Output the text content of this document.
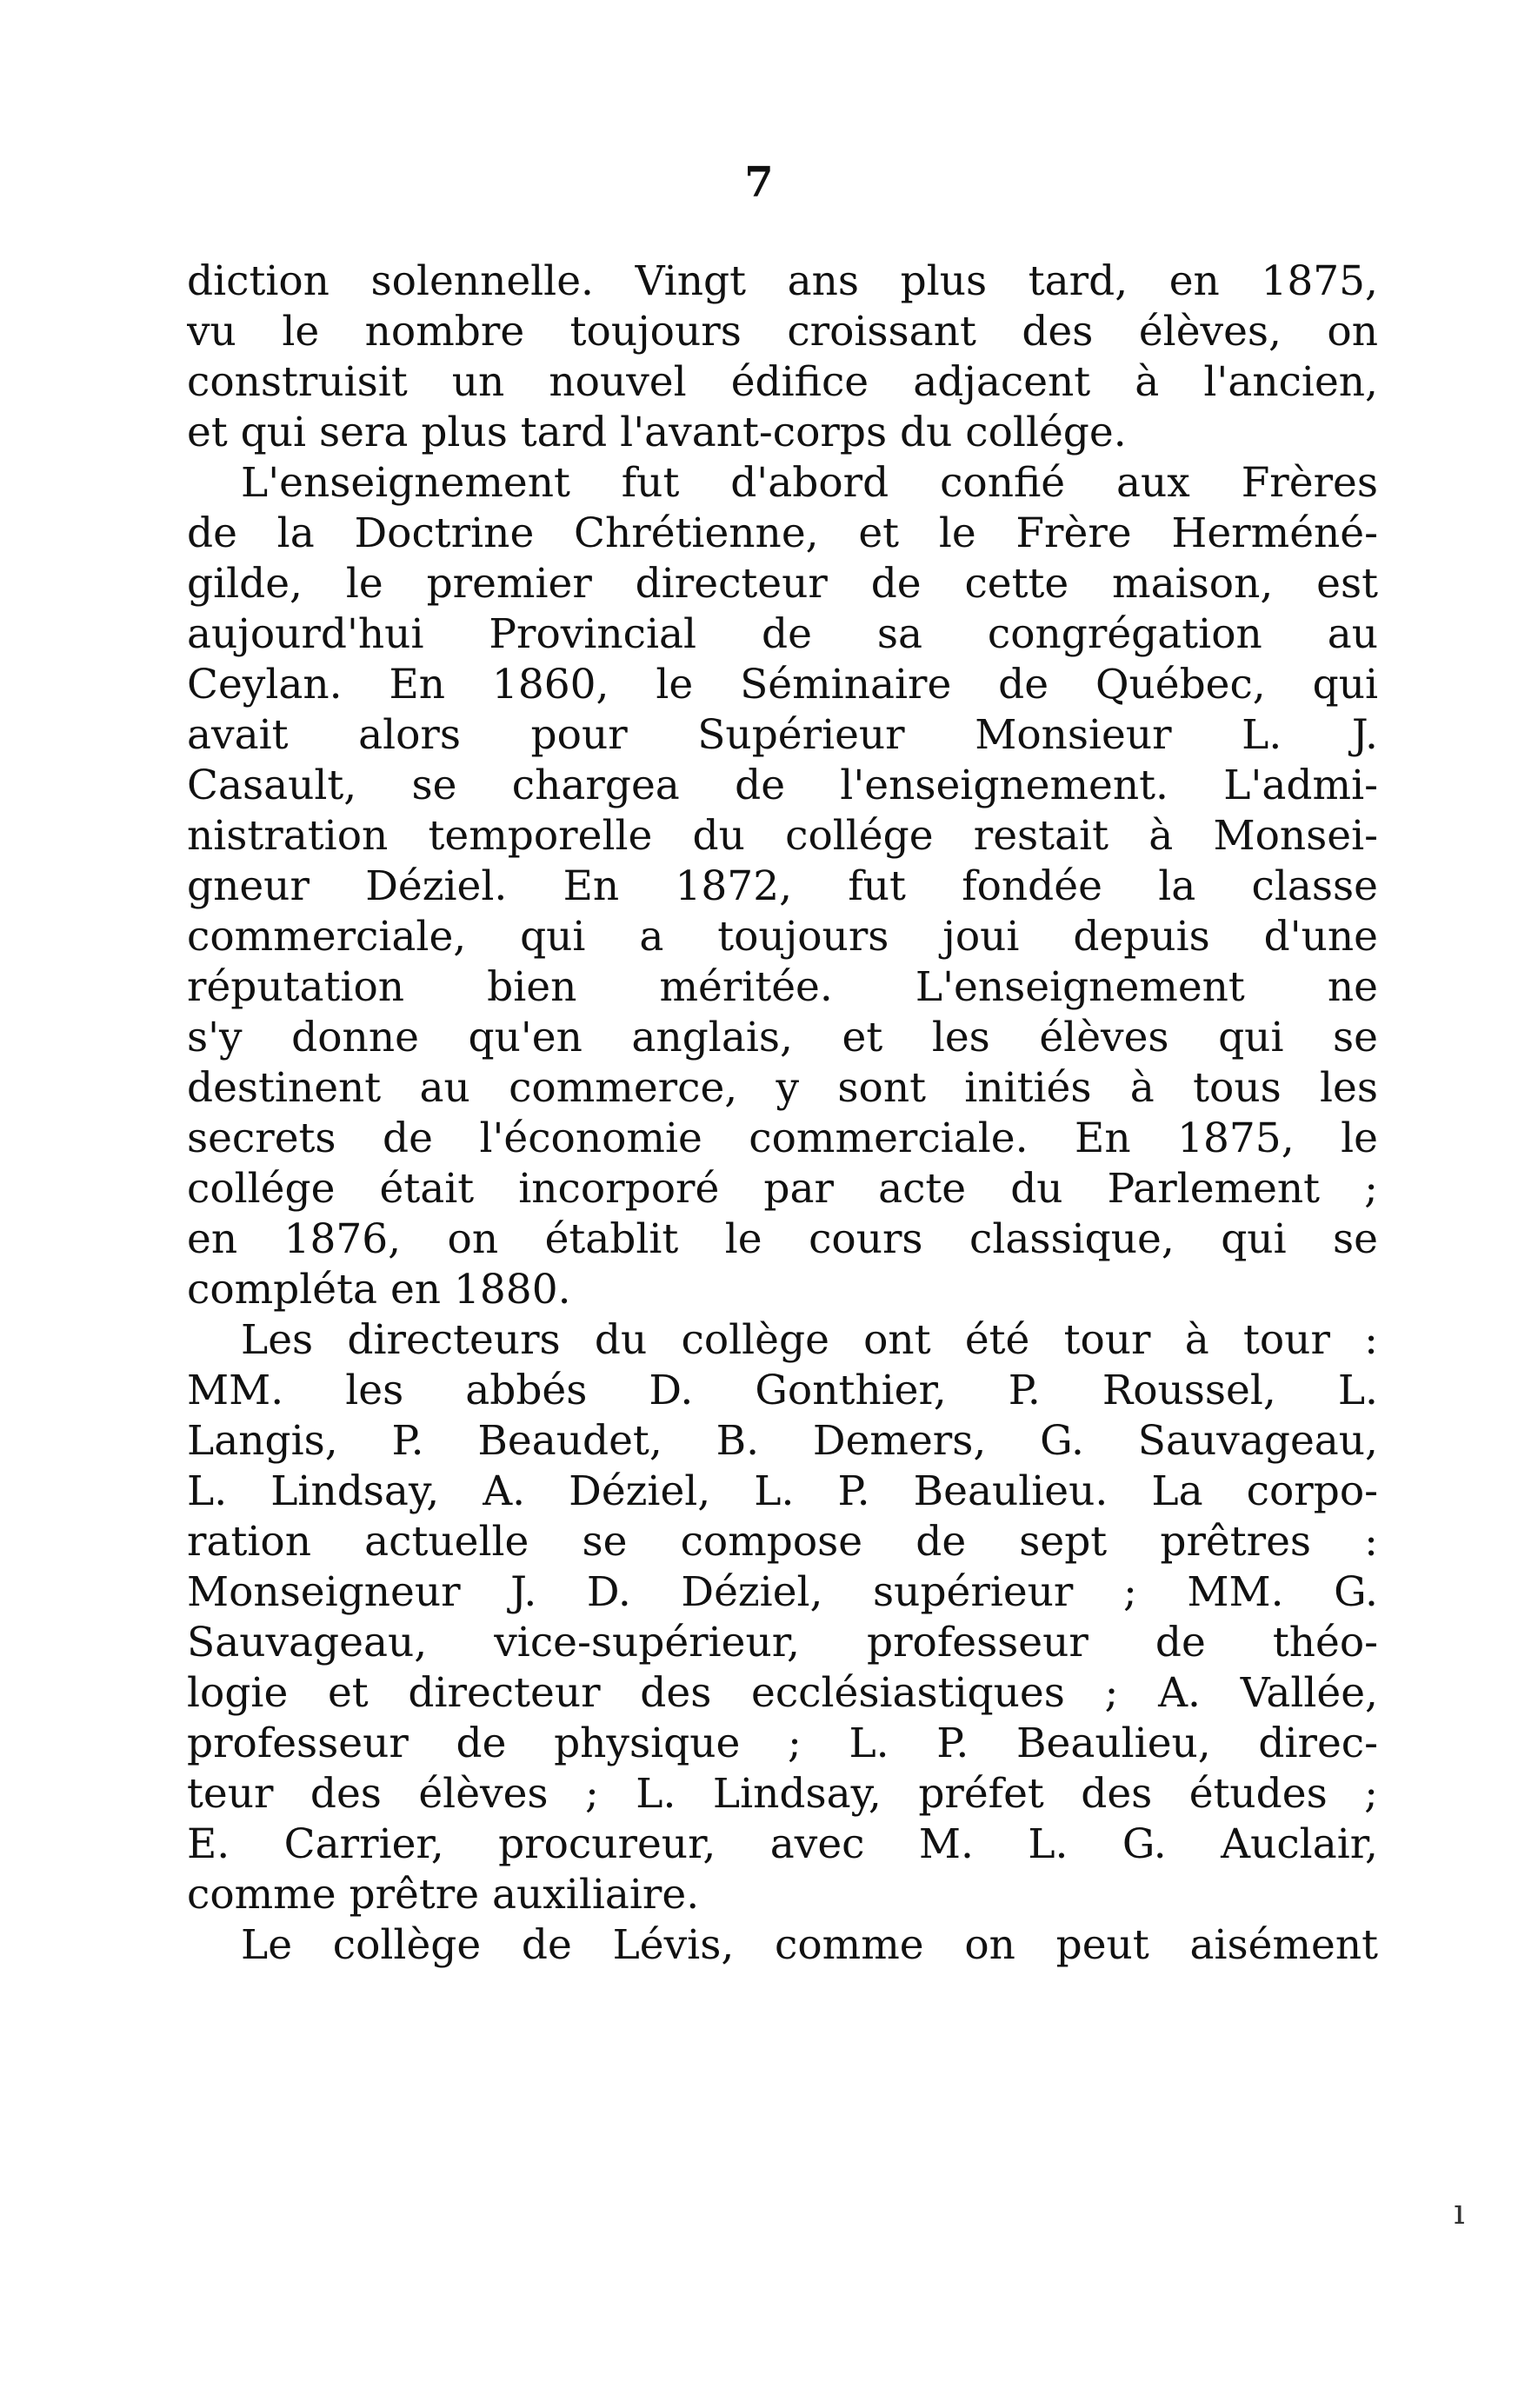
7
diction solennelle. Vingt ans plus tard, en 1875,
vu le nombre toujours croissant des élèves, on
construisit un nouvel édifice adjacent à l'ancien,
et qui sera plus tard l'avant-corps du collége.
L'enseignement fut d'abord confié aux Frères
de la Doctrine Chrétienne, et le Frère Herméné-
gilde, le premier directeur de cette maison, est
aujourd'hui Provincial de sa congrégation au
Ceylan. En 1860, le Séminaire de Québec, qui
avait alors pour Supérieur Monsieur L. J.
Casault, se chargea de l'enseignement. L'admi-
nistration temporelle du collége restait à Monsei-
gneur Déziel. En 1872, fut fondée la classe
commerciale, qui a toujours joui depuis d'une
réputation bien méritée. L'enseignement ne
s'y donne qu'en anglais, et les élèves qui se
destinent au commerce, y sont initiés à tous les
secrets de l'économie commerciale. En 1875, le
collége était incorporé par acte du Parlement ;
en 1876, on établit le cours classique, qui se
compléta en 1880.
Les directeurs du collège ont été tour à tour :
MM. les abbés D. Gonthier, P. Roussel, L.
Langis, P. Beaudet, B. Demers, G. Sauvageau,
L. Lindsay, A. Déziel, L. P. Beaulieu. La corpo-
ration actuelle se compose de sept prêtres :
Monseigneur J. D. Déziel, supérieur ; MM. G.
Sauvageau, vice-supérieur, professeur de théo-
logie et directeur des ecclésiastiques ; A. Vallée,
professeur de physique ; L. P. Beaulieu, direc-
teur des élèves ; L. Lindsay, préfet des études ;
E. Carrier, procureur, avec M. L. G. Auclair,
comme prêtre auxiliaire.
Le collège de Lévis, comme on peut aisément
ı
